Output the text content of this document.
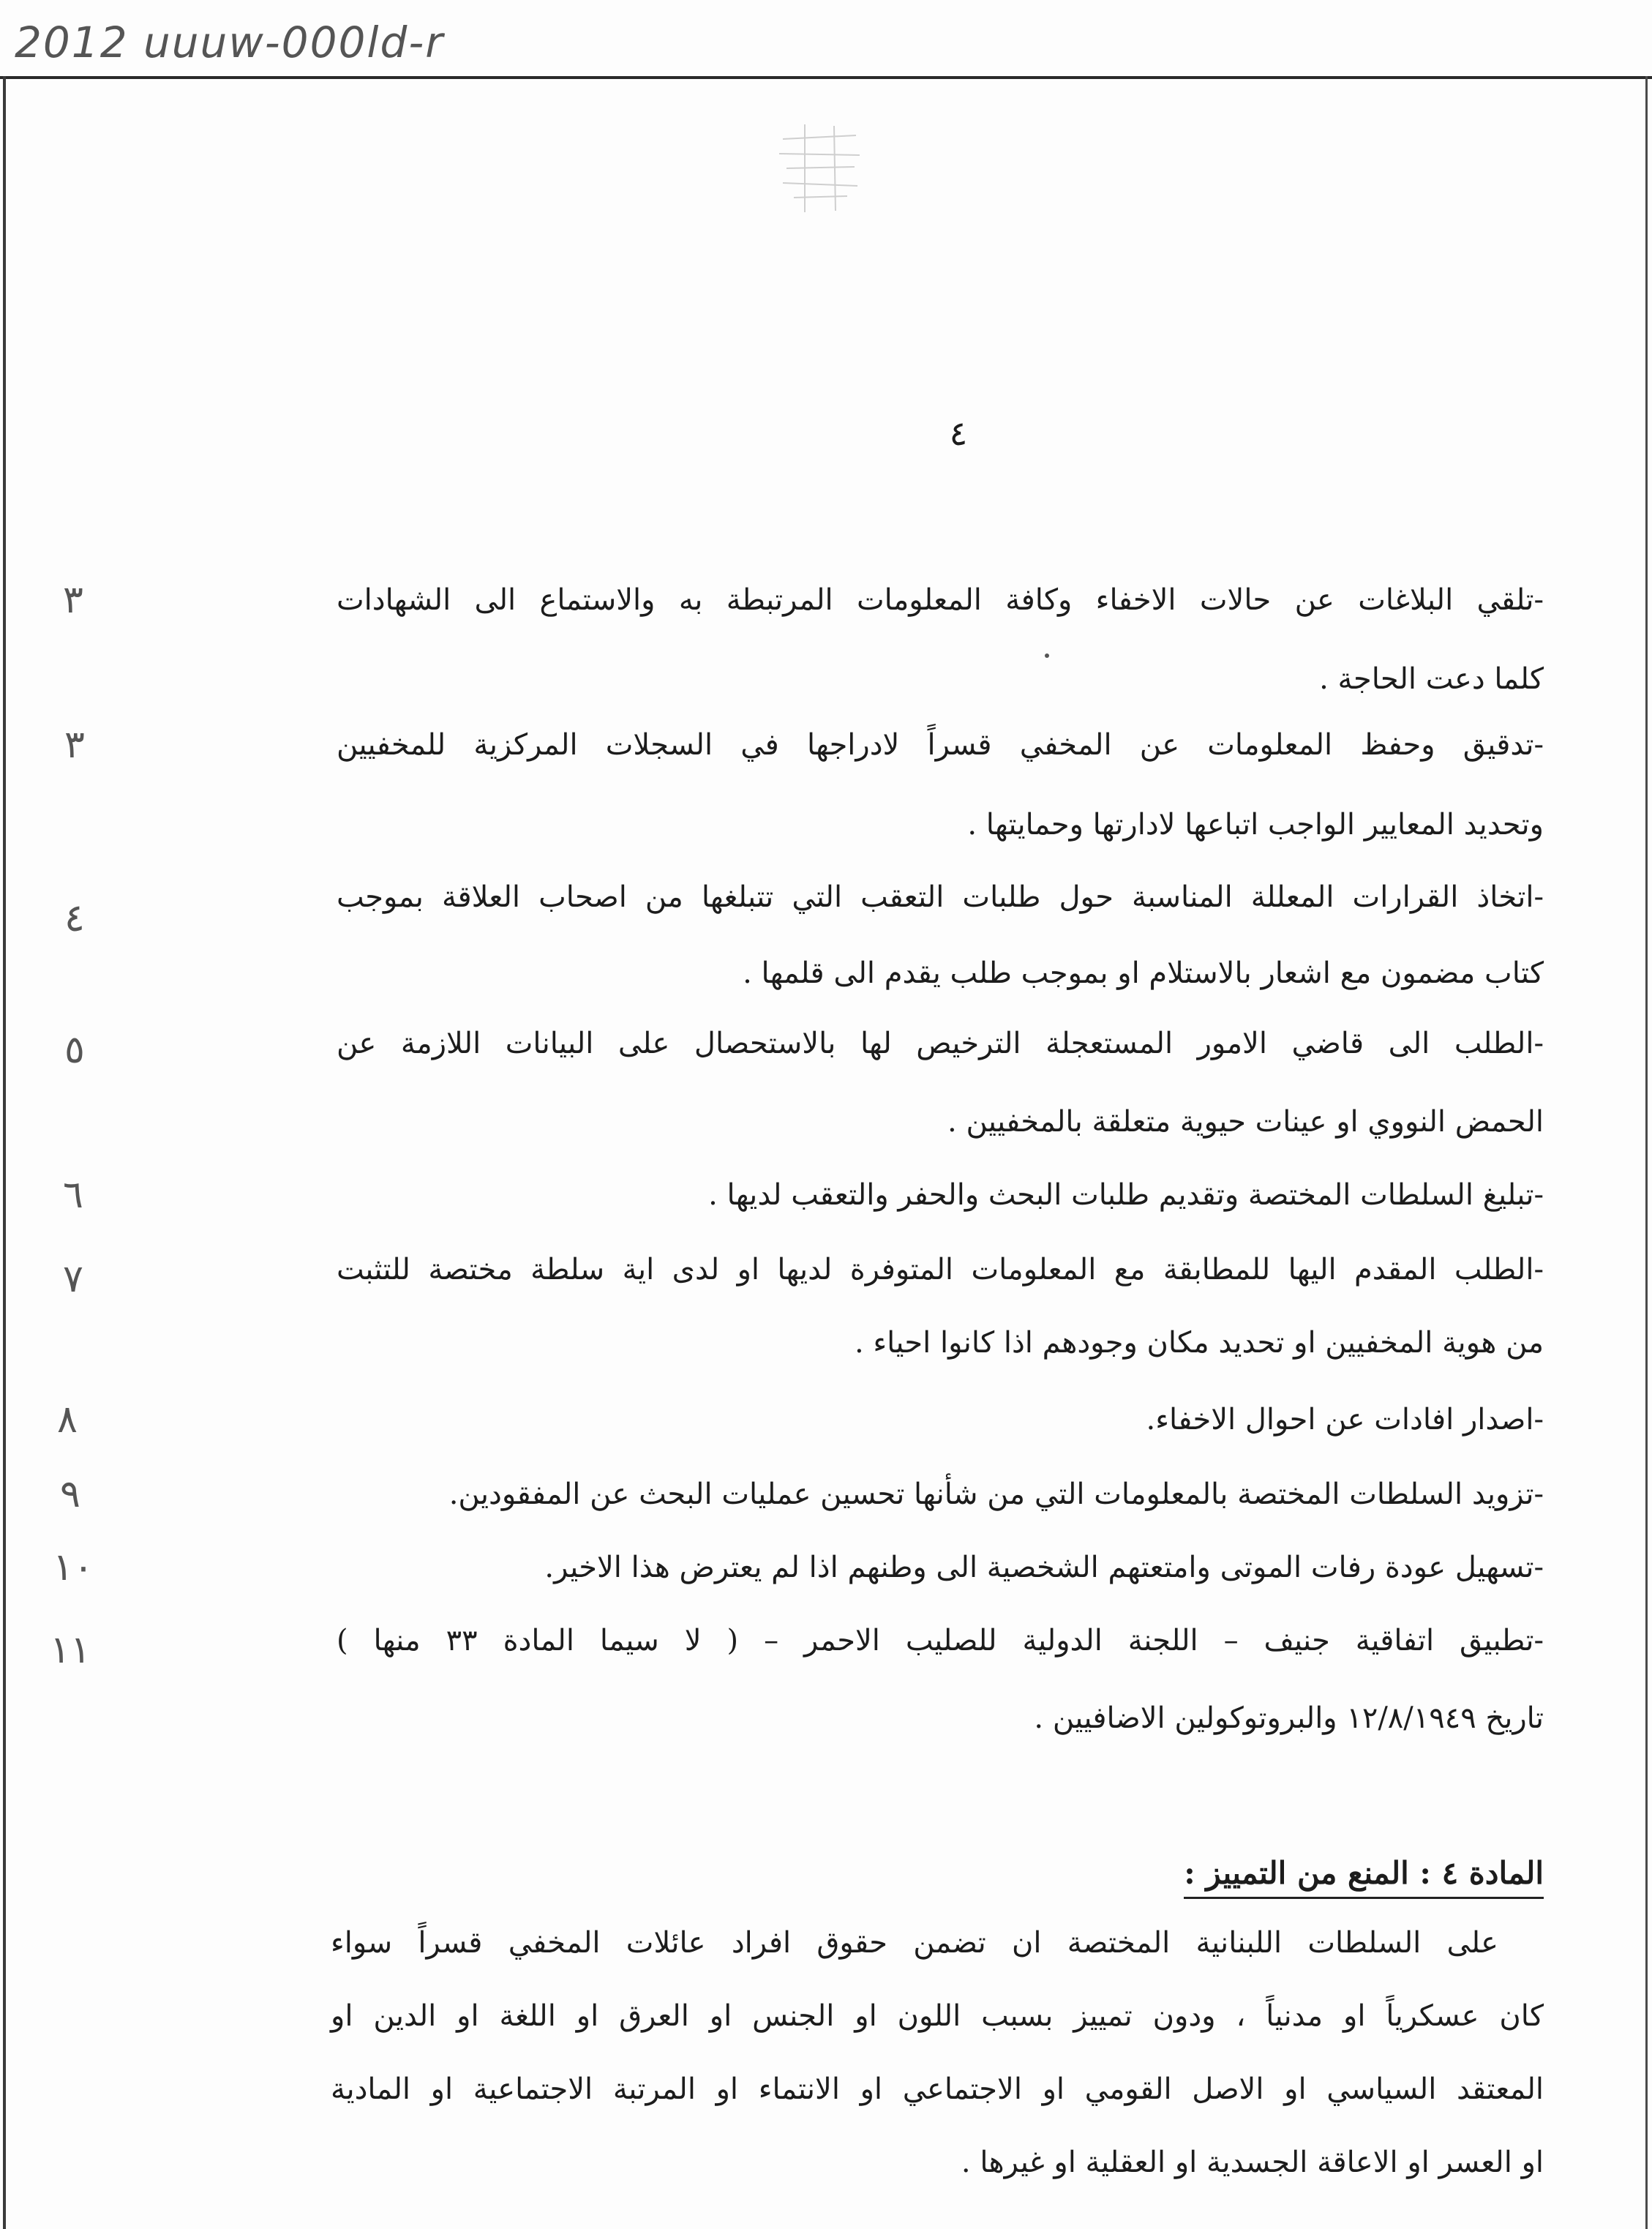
2012 uuuw-000ld-r
٤
٣	-تلقي البلاغات عن حالات الاخفاء وكافة المعلومات المرتبطة به والاستماع الى الشهادات
كلما دعت الحاجة .
٣	-تدقيق وحفظ المعلومات عن المخفي قسراً لادراجها في السجلات المركزية للمخفيين
وتحديد المعايير الواجب اتباعها لادارتها وحمايتها .
٤	-اتخاذ القرارات المعللة المناسبة حول طلبات التعقب التي تتبلغها من اصحاب العلاقة بموجب
كتاب مضمون مع اشعار بالاستلام او بموجب طلب يقدم الى قلمها .
٥	-الطلب الى قاضي الامور المستعجلة الترخيص لها بالاستحصال على البيانات اللازمة عن
الحمض النووي او عينات حيوية متعلقة بالمخفيين .
٦	-تبليغ السلطات المختصة وتقديم طلبات البحث والحفر والتعقب لديها .
٧	-الطلب المقدم اليها للمطابقة مع المعلومات المتوفرة لديها او لدى اية سلطة مختصة للتثبت
من هوية المخفيين او تحديد مكان وجودهم اذا كانوا احياء .
٨	-اصدار افادات عن احوال الاخفاء.
٩	-تزويد السلطات المختصة بالمعلومات التي من شأنها تحسين عمليات البحث عن المفقودين.
١٠	-تسهيل عودة رفات الموتى وامتعتهم الشخصية الى وطنهم اذا لم يعترض هذا الاخير.
١١	-تطبيق اتفاقية جنيف – اللجنة الدولية للصليب الاحمر – ( لا سيما المادة ٣٣ منها )
تاريخ ١٢/٨/١٩٤٩ والبروتوكولين الاضافيين .
المادة ٤ : المنع من التمييز :
على السلطات اللبنانية المختصة ان تضمن حقوق افراد عائلات المخفي قسراً سواء
كان عسكرياً او مدنياً ، ودون تمييز بسبب اللون او الجنس او العرق او اللغة او الدين او
المعتقد السياسي او الاصل القومي او الاجتماعي او الانتماء او المرتبة الاجتماعية او المادية
او العسر او الاعاقة الجسدية او العقلية او غيرها .
